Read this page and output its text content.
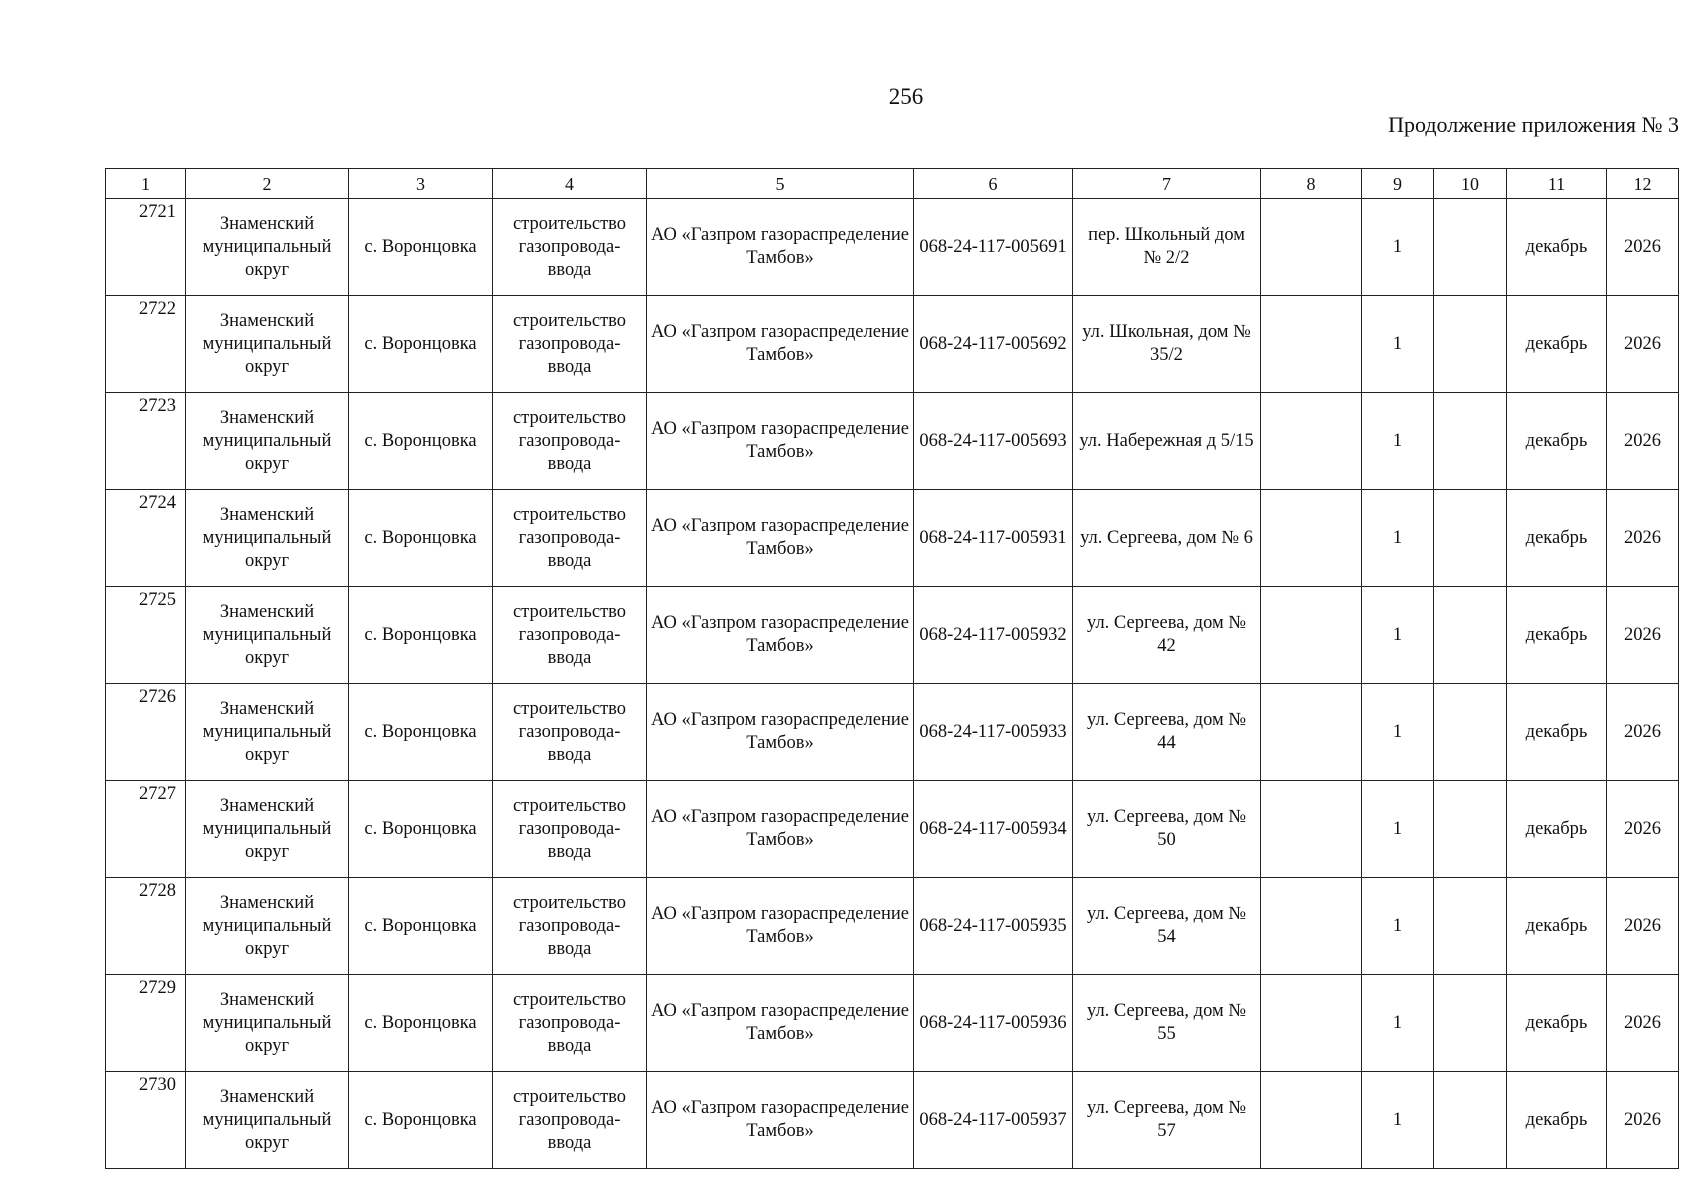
256
Продолжение приложения № 3
1	2	3	4	5	6	7	8	9	10	11	12
2721	Знаменский муниципальный округ	с. Воронцовка	строительство газопровода-ввода	АО «Газпром газораспределение Тамбов»	068-24-117-005691	пер. Школьный дом № 2/2		1		декабрь	2026
2722	Знаменский муниципальный округ	с. Воронцовка	строительство газопровода-ввода	АО «Газпром газораспределение Тамбов»	068-24-117-005692	ул. Школьная, дом № 35/2		1		декабрь	2026
2723	Знаменский муниципальный округ	с. Воронцовка	строительство газопровода-ввода	АО «Газпром газораспределение Тамбов»	068-24-117-005693	ул. Набережная д 5/15		1		декабрь	2026
2724	Знаменский муниципальный округ	с. Воронцовка	строительство газопровода-ввода	АО «Газпром газораспределение Тамбов»	068-24-117-005931	ул. Сергеева, дом № 6		1		декабрь	2026
2725	Знаменский муниципальный округ	с. Воронцовка	строительство газопровода-ввода	АО «Газпром газораспределение Тамбов»	068-24-117-005932	ул. Сергеева, дом № 42		1		декабрь	2026
2726	Знаменский муниципальный округ	с. Воронцовка	строительство газопровода-ввода	АО «Газпром газораспределение Тамбов»	068-24-117-005933	ул. Сергеева, дом № 44		1		декабрь	2026
2727	Знаменский муниципальный округ	с. Воронцовка	строительство газопровода-ввода	АО «Газпром газораспределение Тамбов»	068-24-117-005934	ул. Сергеева, дом № 50		1		декабрь	2026
2728	Знаменский муниципальный округ	с. Воронцовка	строительство газопровода-ввода	АО «Газпром газораспределение Тамбов»	068-24-117-005935	ул. Сергеева, дом № 54		1		декабрь	2026
2729	Знаменский муниципальный округ	с. Воронцовка	строительство газопровода-ввода	АО «Газпром газораспределение Тамбов»	068-24-117-005936	ул. Сергеева, дом № 55		1		декабрь	2026
2730	Знаменский муниципальный округ	с. Воронцовка	строительство газопровода-ввода	АО «Газпром газораспределение Тамбов»	068-24-117-005937	ул. Сергеева, дом № 57		1		декабрь	2026
